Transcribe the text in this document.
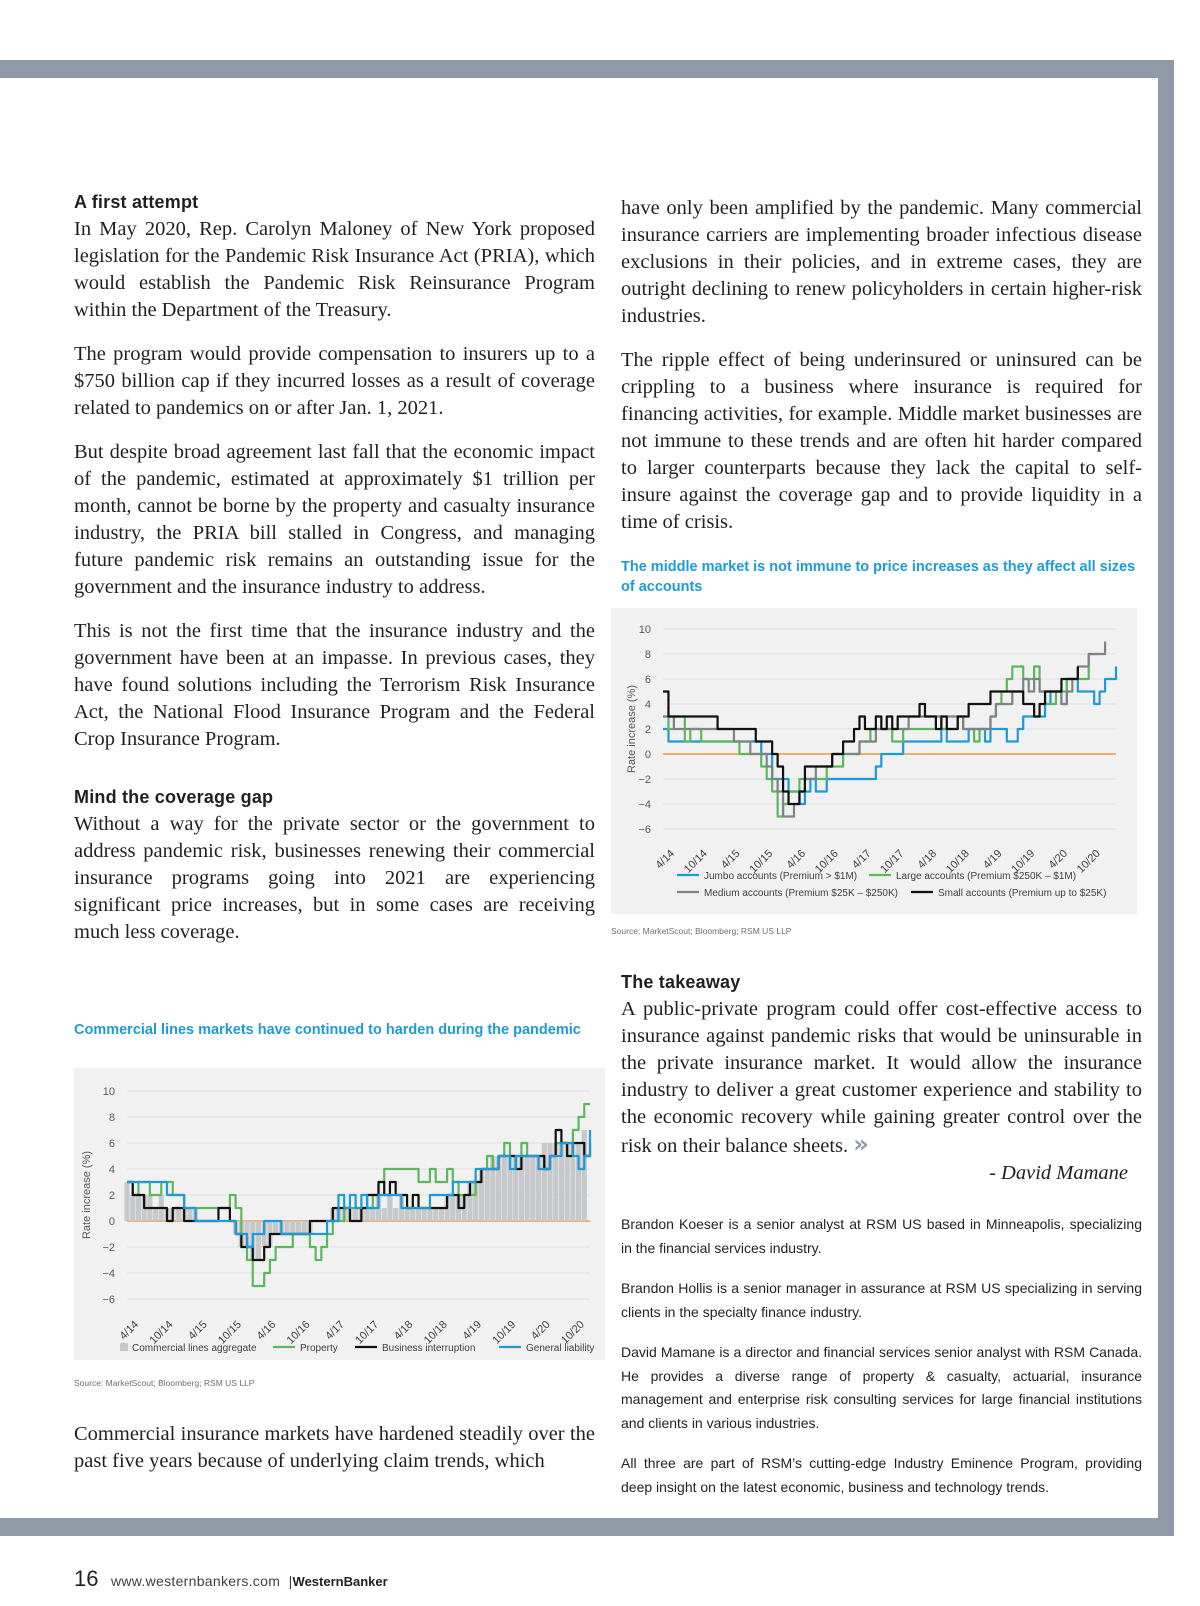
A first attempt

In May 2020, Rep. Carolyn Maloney of New York proposed legislation for the Pandemic Risk Insurance Act (PRIA), which would establish the Pandemic Risk Reinsurance Program within the Department of the Treasury.

The program would provide compensation to insurers up to a $750 billion cap if they incurred losses as a result of coverage related to pandemics on or after Jan. 1, 2021.

But despite broad agreement last fall that the economic impact of the pandemic, estimated at approximately $1 trillion per month, cannot be borne by the property and casualty insurance industry, the PRIA bill stalled in Congress, and managing future pandemic risk remains an outstanding issue for the government and the insurance industry to address.

This is not the first time that the insurance industry and the government have been at an impasse. In previous cases, they have found solutions including the Terrorism Risk Insurance Act, the National Flood Insurance Program and the Federal Crop Insurance Program.

Mind the coverage gap

Without a way for the private sector or the government to address pandemic risk, businesses renewing their commercial insurance programs going into 2021 are experiencing significant price increases, but in some cases are receiving much less coverage.

Commercial lines markets have continued to harden during the pandemic
10
8
6
4
2
0
−2
−4
−6
Rate increase (%)
4/14 10/14 4/15 10/15 4/16 10/16 4/17 10/17 4/18 10/18 4/19 10/19 4/20 10/20
Commercial lines aggregate	Property	Business interruption	General liability
Source: MarketScout; Bloomberg; RSM US LLP

Commercial insurance markets have hardened steadily over the past five years because of underlying claim trends, which

have only been amplified by the pandemic. Many commercial insurance carriers are implementing broader infectious disease exclusions in their policies, and in extreme cases, they are outright declining to renew policyholders in certain higher-risk industries.

The ripple effect of being underinsured or uninsured can be crippling to a business where insurance is required for financing activities, for example. Middle market businesses are not immune to these trends and are often hit harder compared to larger counterparts because they lack the capital to self-insure against the coverage gap and to provide liquidity in a time of crisis.

The middle market is not immune to price increases as they affect all sizes of accounts
10
8
6
4
2
0
−2
−4
−6
Rate increase (%)
4/14 10/14 4/15 10/15 4/16 10/16 4/17 10/17 4/18 10/18 4/19 10/19 4/20 10/20
Jumbo accounts (Premium > $1M)	Large accounts (Premium $250K – $1M)
Medium accounts (Premium $25K – $250K)	Small accounts (Premium up to $25K)
Source: MarketScout; Bloomberg; RSM US LLP
The takeaway

A public-private program could offer cost-effective access to insurance against pandemic risks that would be uninsurable in the private insurance market. It would allow the insurance industry to deliver a great customer experience and stability to the economic recovery while gaining greater control over the risk on their balance sheets. »

- David Mamane

Brandon Koeser is a senior analyst at RSM US based in Minneapolis, specializing in the financial services industry.

Brandon Hollis is a senior manager in assurance at RSM US specializing in serving clients in the specialty finance industry.

David Mamane is a director and financial services senior analyst with RSM Canada. He provides a diverse range of property & casualty, actuarial, insurance management and enterprise risk consulting services for large financial institutions and clients in various industries.

All three are part of RSM’s cutting-edge Industry Eminence Program, providing deep insight on the latest economic, business and technology trends.

16 www.westernbankers.com |WesternBanker
